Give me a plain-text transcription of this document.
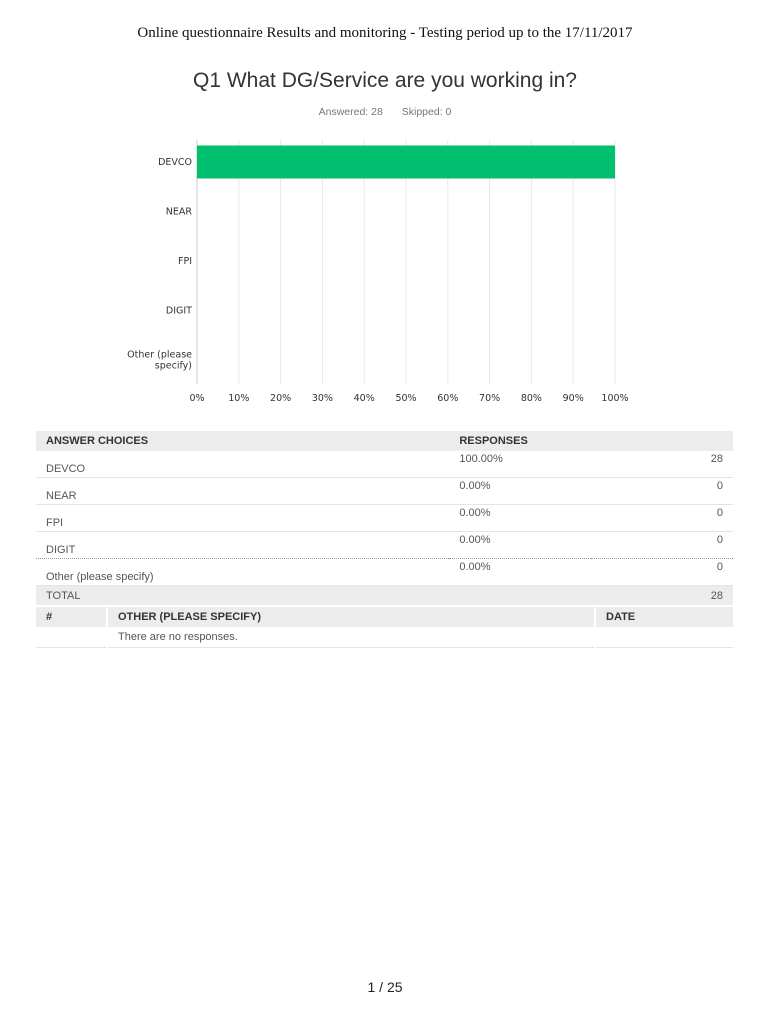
Online questionnaire Results and monitoring - Testing period up to the 17/11/2017
Q1 What DG/Service are you working in?
Answered: 28 Skipped: 0
0% 10% 20% 30% 40% 50% 60% 70% 80% 90% 100%
DEVCO
NEAR
FPI
DIGIT
Other (please specify)
ANSWER CHOICES	RESPONSES	
DEVCO	100.00%	28
NEAR	0.00%	0
FPI	0.00%	0
DIGIT	0.00%	0
Other (please specify)	0.00%	0
TOTAL		28
#	OTHER (PLEASE SPECIFY)	DATE
	There are no responses.	
1 / 25
